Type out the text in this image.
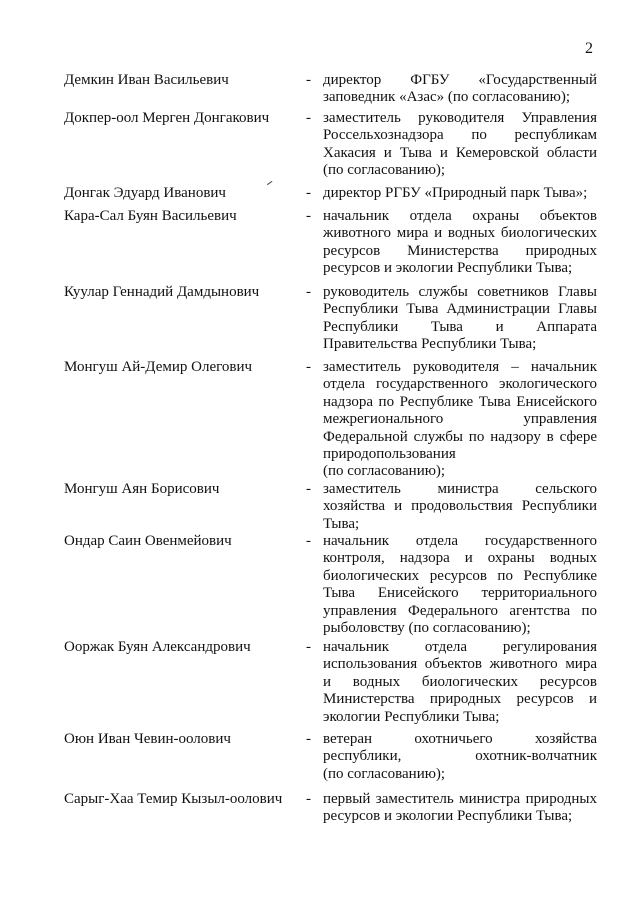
2
Демкин Иван Васильевич	- директор ФГБУ «Государственный
заповедник «Азас» (по согласованию);
Докпер-оол Мерген Донгакович - заместитель руководителя Управления
Россельхознадзора по республикам
Хакасия и Тыва и Кемеровской области
(по согласованию);
Донгак Эдуард Иванович	- директор РГБУ «Природный парк Тыва»;
Кара-Сал Буян Васильевич	- начальник отдела охраны объектов
животного мира и водных биологических
ресурсов Министерства природных
ресурсов и экологии Республики Тыва;
Куулар Геннадий Дамдынович	- руководитель службы советников Главы
Республики Тыва Администрации Главы
Республики Тыва и Аппарата
Правительства Республики Тыва;
Монгуш Ай-Демир Олегович	- заместитель руководителя – начальник
отдела государственного экологического
надзора по Республике Тыва Енисейского
межрегионального управления
Федеральной службы по надзору в сфере
природопользования
(по согласованию);
Монгуш Аян Борисович	- заместитель министра сельского
хозяйства и продовольствия Республики
Тыва;
Ондар Саин Овенмейович	- начальник отдела государственного
контроля, надзора и охраны водных
биологических ресурсов по Республике
Тыва Енисейского территориального
управления Федерального агентства по
рыболовству (по согласованию);
Ооржак Буян Александрович	- начальник отдела регулирования
использования объектов животного мира
и водных биологических ресурсов
Министерства природных ресурсов и
экологии Республики Тыва;
Оюн Иван Чевин-оолович	- ветеран охотничьего хозяйства
республики, охотник-волчатник
(по согласованию);
Сарыг-Хаа Темир Кызыл-оолович - первый заместитель министра природных
ресурсов и экологии Республики Тыва;
